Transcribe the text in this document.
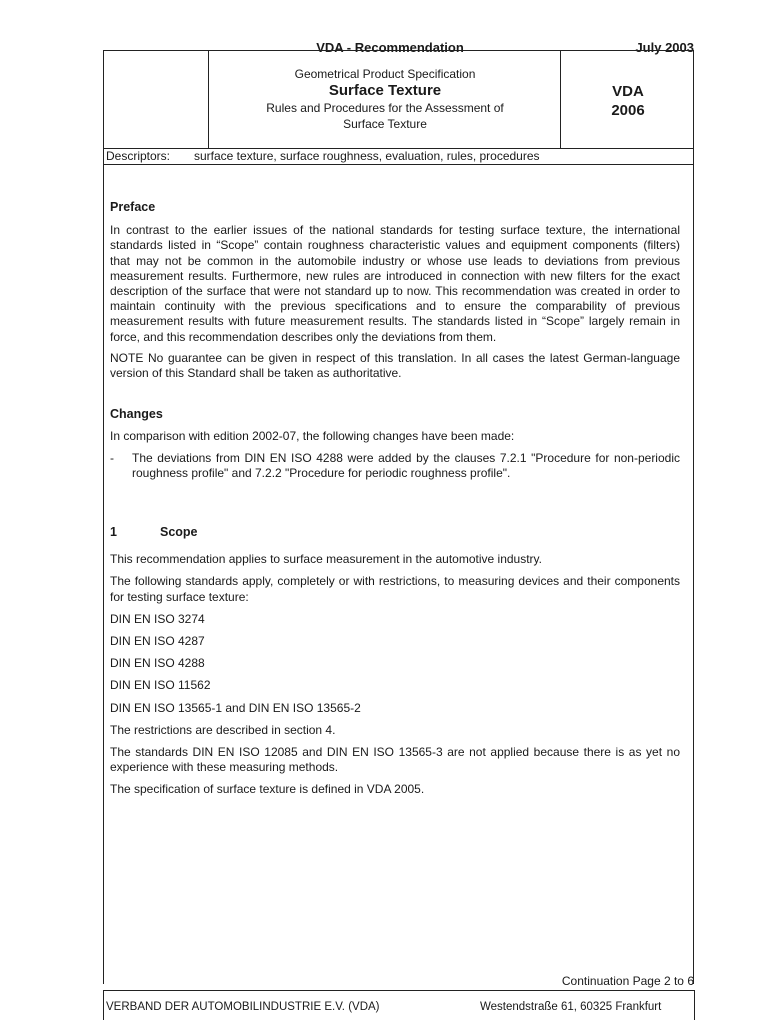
VDA - Recommendation	July 2003
Geometrical Product Specification
Surface Texture
Rules and Procedures for the Assessment of
Surface Texture
VDA
2006
Descriptors: surface texture, surface roughness, evaluation, rules, procedures
Preface

In contrast to the earlier issues of the national standards for testing surface texture, the international standards listed in “Scope” contain roughness characteristic values and equipment components (filters) that may not be common in the automobile industry or whose use leads to deviations from previous measurement results. Furthermore, new rules are introduced in connection with new filters for the exact description of the surface that were not standard up to now. This recommendation was created in order to maintain continuity with the previous specifications and to ensure the comparability of previous measurement results with future measurement results. The standards listed in “Scope” largely remain in force, and this recommendation describes only the deviations from them.

NOTE No guarantee can be given in respect of this translation. In all cases the latest German-language version of this Standard shall be taken as authoritative.

Changes

In comparison with edition 2002-07, the following changes have been made:

-	The deviations from DIN EN ISO 4288 were added by the clauses 7.2.1 "Procedure for non-periodic roughness profile" and 7.2.2 "Procedure for periodic roughness profile".
1	Scope

This recommendation applies to surface measurement in the automotive industry.

The following standards apply, completely or with restrictions, to measuring devices and their components for testing surface texture:

DIN EN ISO 3274

DIN EN ISO 4287

DIN EN ISO 4288

DIN EN ISO 11562

DIN EN ISO 13565-1 and DIN EN ISO 13565-2

The restrictions are described in section 4.

The standards DIN EN ISO 12085 and DIN EN ISO 13565-3 are not applied because there is as yet no experience with these measuring methods.

The specification of surface texture is defined in VDA 2005.

Continuation Page 2 to 6
VERBAND DER AUTOMOBILINDUSTRIE E.V. (VDA)	Westendstraße 61, 60325 Frankfurt
